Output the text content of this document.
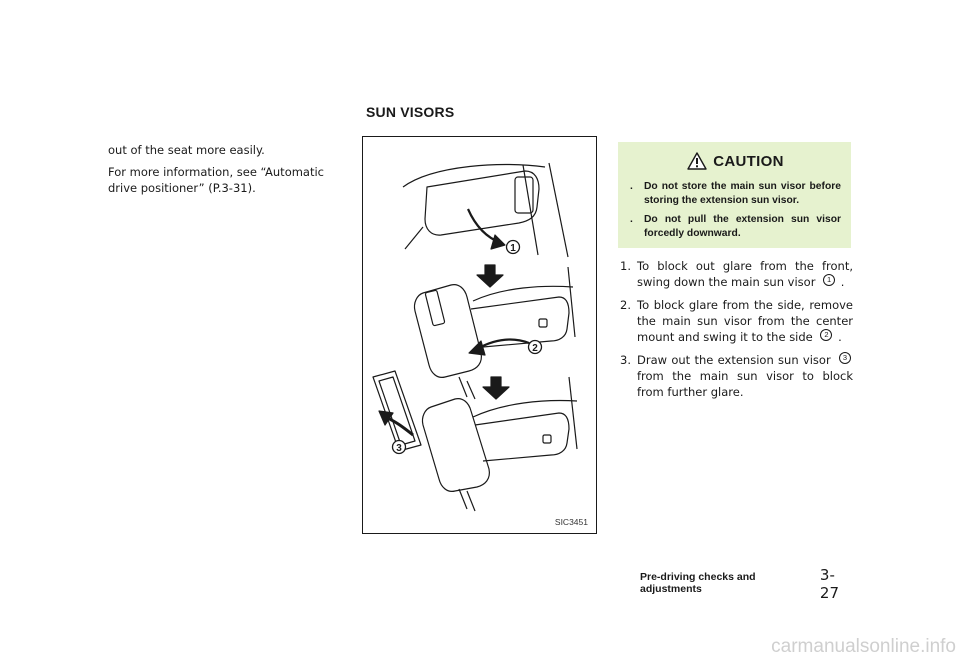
SUN VISORS

out of the seat more easily.

For more information, see “Automatic drive positioner” (P.3-31).

1
2
3
SIC3451
CAUTION
. Do not store the main sun visor before storing the extension sun visor.
. Do not pull the extension sun visor forcedly downward.
1. To block out glare from the front, swing down the main sun visor 1 .
2. To block glare from the side, remove the main sun visor from the center mount and swing it to the side 2 .
3. Draw out the extension sun visor 3 from the main sun visor to block from further glare.
Pre-driving checks and adjustments
3-27
carmanualsonline.info
